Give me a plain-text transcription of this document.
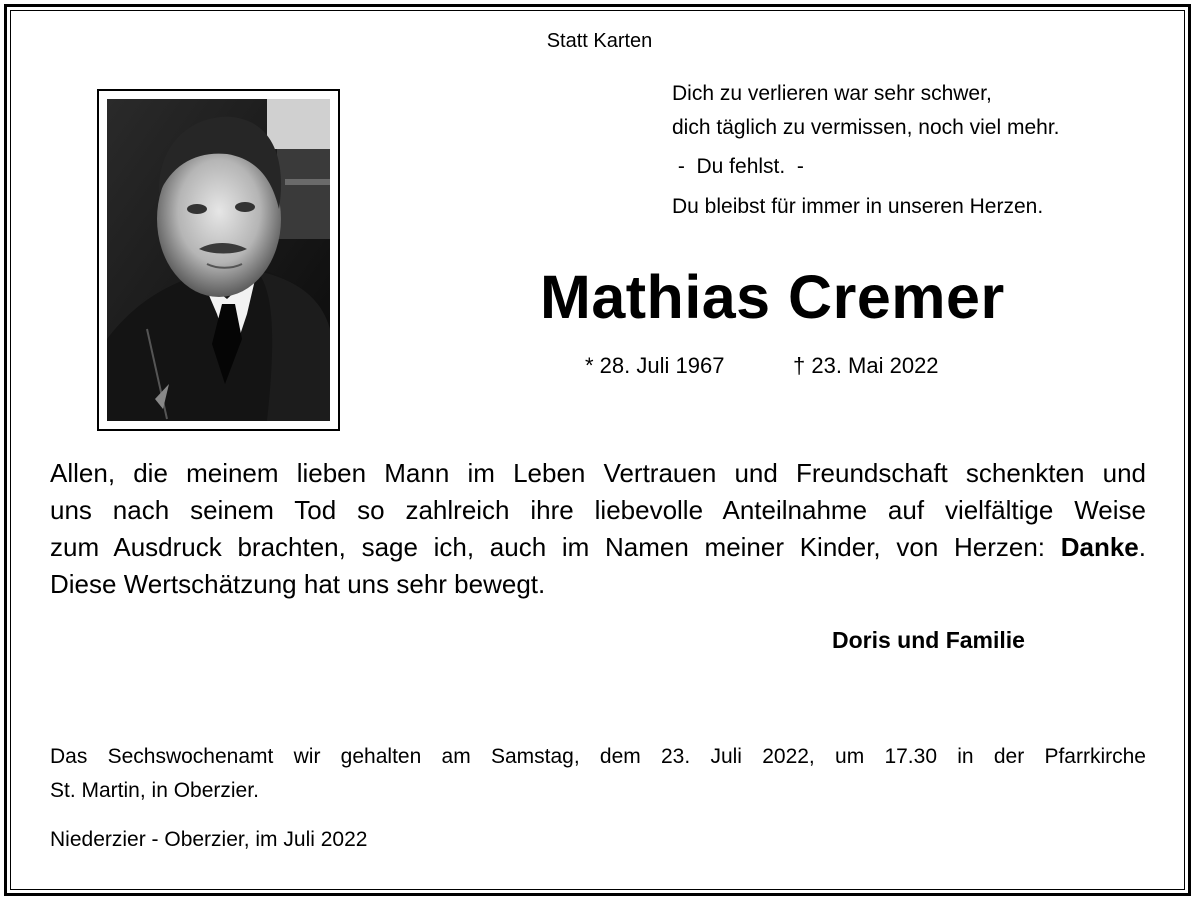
Statt Karten
Dich zu verlieren war sehr schwer,
dich täglich zu vermissen, noch viel mehr.
-  Du fehlst.  -
Du bleibst für immer in unseren Herzen.
Mathias Cremer
* 28. Juli 1967	† 23. Mai 2022
Allen, die meinem lieben Mann im Leben Vertrauen und Freundschaft schenkten und
uns nach seinem Tod so zahlreich ihre liebevolle Anteilnahme auf vielfältige Weise
zum Ausdruck brachten, sage ich, auch im Namen meiner Kinder, von Herzen: Danke.
Diese Wertschätzung hat uns sehr bewegt.
Doris und Familie
Das Sechswochenamt wir gehalten am Samstag, dem 23. Juli 2022, um 17.30 in der Pfarrkirche
St. Martin, in Oberzier.
Niederzier - Oberzier, im Juli 2022
